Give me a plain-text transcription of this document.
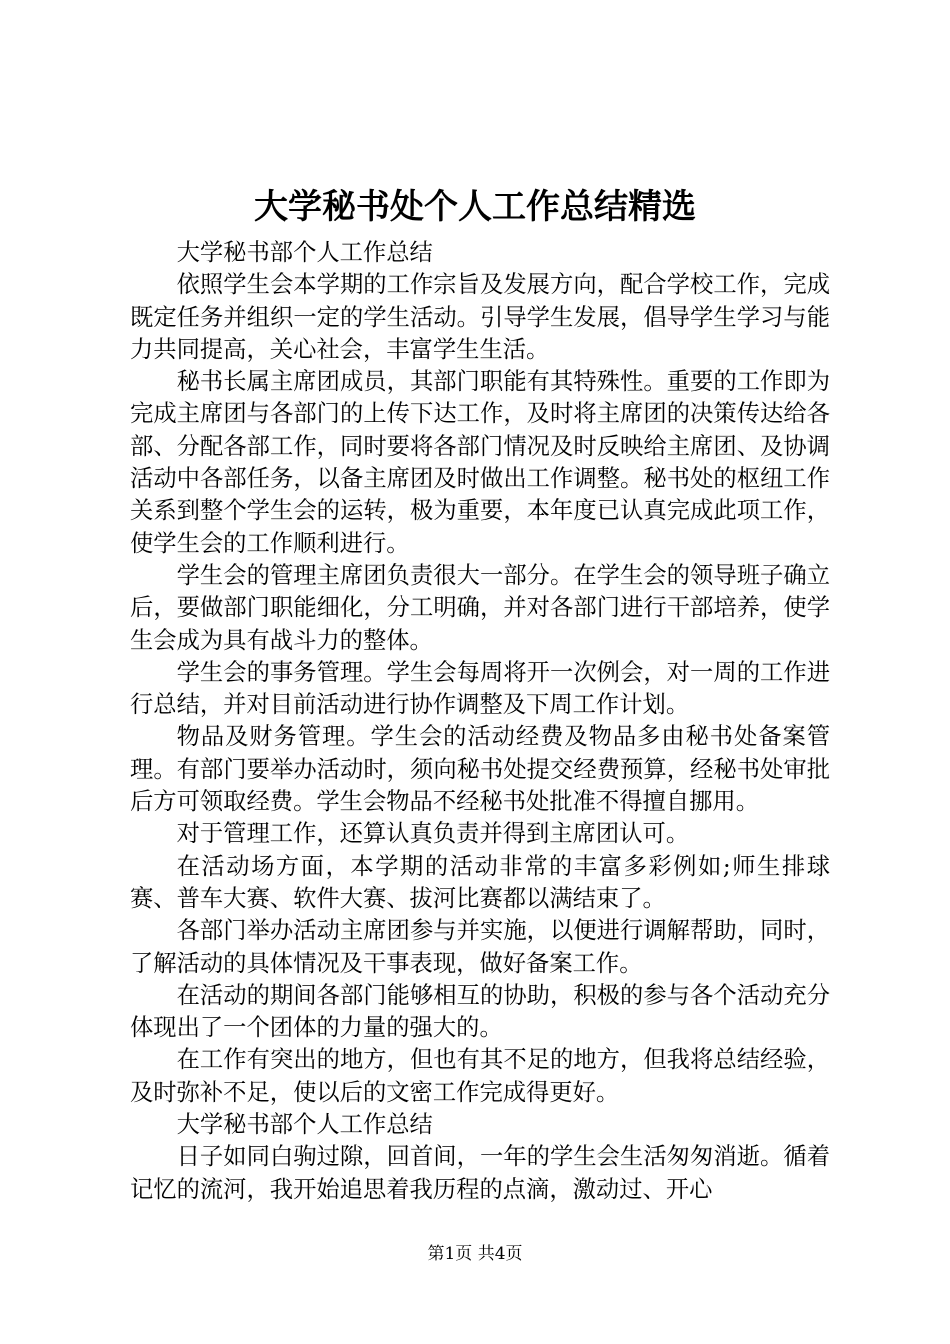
大学秘书处个人工作总结精选

大学秘书部个人工作总结

依照学生会本学期的工作宗旨及发展方向，配合学校工作，完成既定任务并组织一定的学生活动。引导学生发展，倡导学生学习与能力共同提高，关心社会，丰富学生生活。

秘书长属主席团成员，其部门职能有其特殊性。重要的工作即为完成主席团与各部门的上传下达工作，及时将主席团的决策传达给各部、分配各部工作，同时要将各部门情况及时反映给主席团、及协调活动中各部任务，以备主席团及时做出工作调整。秘书处的枢纽工作关系到整个学生会的运转，极为重要，本年度已认真完成此项工作，使学生会的工作顺利进行。

学生会的管理主席团负责很大一部分。在学生会的领导班子确立后，要做部门职能细化，分工明确，并对各部门进行干部培养，使学生会成为具有战斗力的整体。

学生会的事务管理。学生会每周将开一次例会，对一周的工作进行总结，并对目前活动进行协作调整及下周工作计划。

物品及财务管理。学生会的活动经费及物品多由秘书处备案管理。有部门要举办活动时，须向秘书处提交经费预算，经秘书处审批后方可领取经费。学生会物品不经秘书处批准不得擅自挪用。

对于管理工作，还算认真负责并得到主席团认可。

在活动场方面，本学期的活动非常的丰富多彩例如;师生排球赛、普车大赛、软件大赛、拔河比赛都以满结束了。

各部门举办活动主席团参与并实施，以便进行调解帮助，同时，了解活动的具体情况及干事表现，做好备案工作。

在活动的期间各部门能够相互的协助，积极的参与各个活动充分体现出了一个团体的力量的强大的。

在工作有突出的地方，但也有其不足的地方，但我将总结经验，及时弥补不足，使以后的文密工作完成得更好。

大学秘书部个人工作总结

日子如同白驹过隙，回首间，一年的学生会生活匆匆消逝。循着记忆的流河，我开始追思着我历程的点滴，激动过、开心

第1页 共4页
